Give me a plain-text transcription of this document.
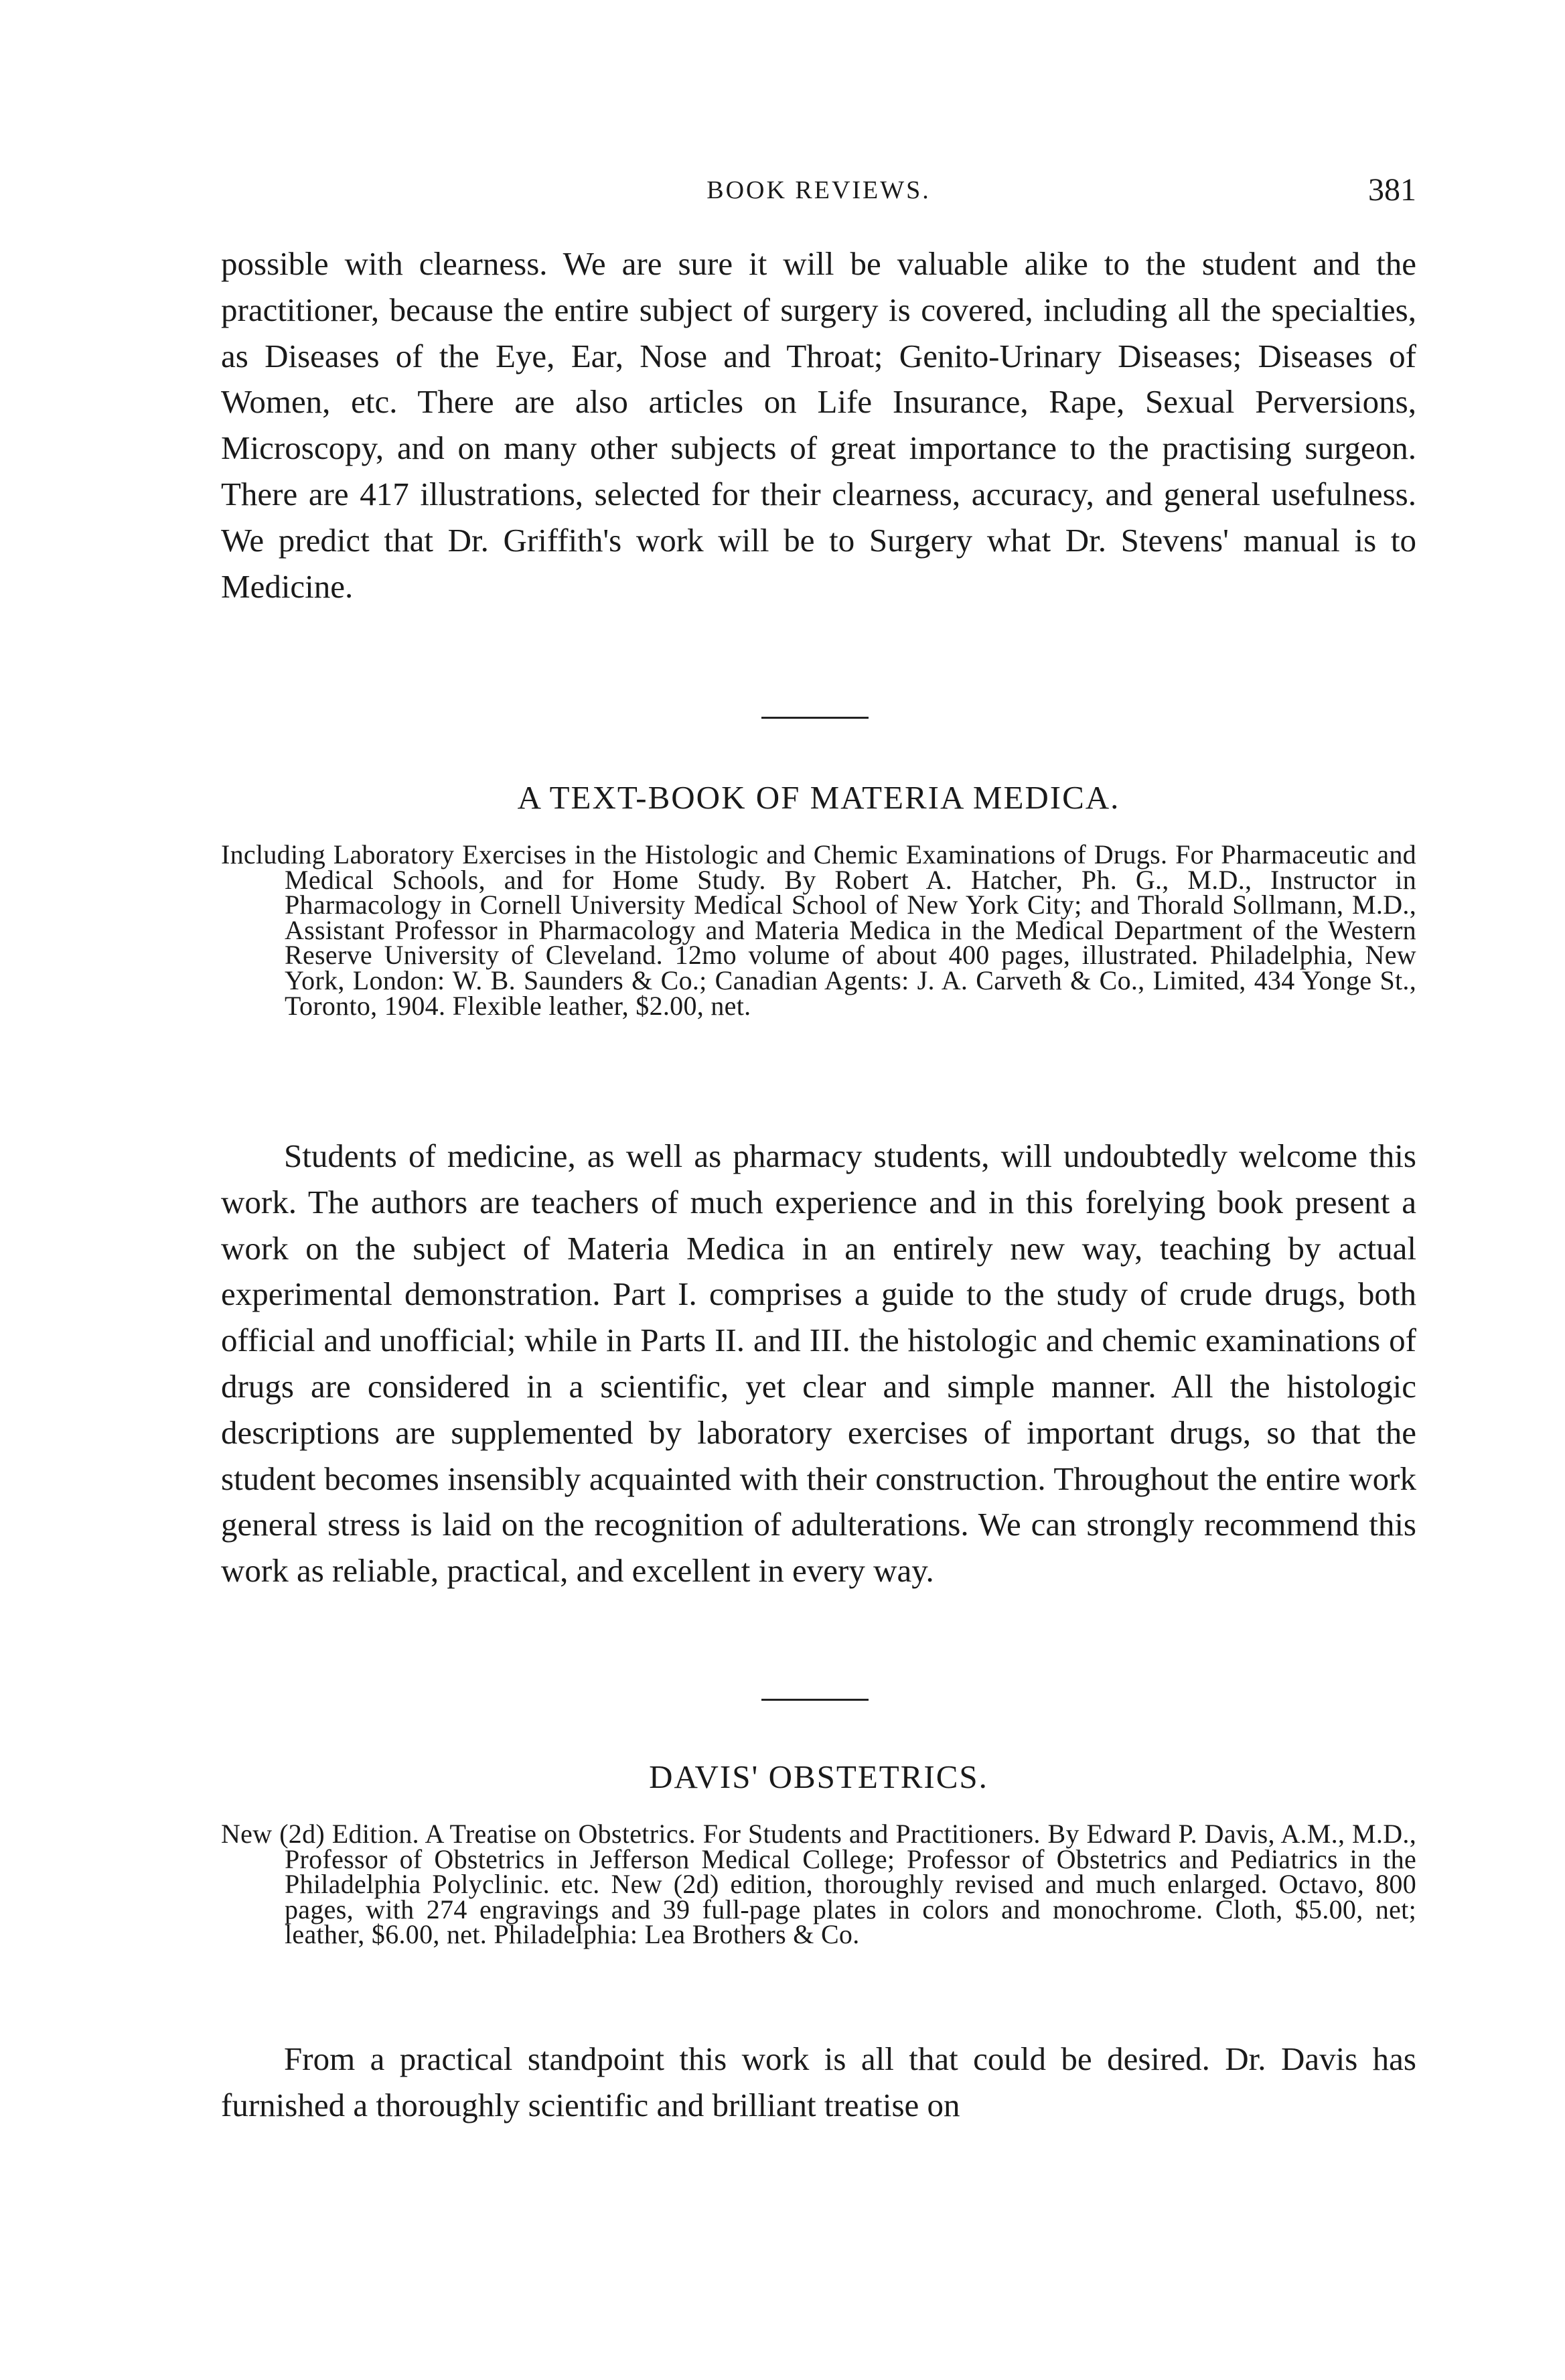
BOOK REVIEWS.	381

possible with clearness. We are sure it will be valuable alike to the student and the practitioner, because the entire subject of surgery is covered, including all the specialties, as Diseases of the Eye, Ear, Nose and Throat; Genito-Urinary Diseases; Diseases of Women, etc. There are also articles on Life Insurance, Rape, Sexual Perversions, Microscopy, and on many other subjects of great importance to the practising surgeon. There are 417 illustrations, selected for their clearness, accuracy, and general usefulness. We predict that Dr. Griffith's work will be to Surgery what Dr. Stevens' manual is to Medicine.

A TEXT-BOOK OF MATERIA MEDICA.

Including Laboratory Exercises in the Histologic and Chemic Examinations of Drugs. For Pharmaceutic and Medical Schools, and for Home Study. By Robert A. Hatcher, Ph. G., M.D., Instructor in Pharmacology in Cornell University Medical School of New York City; and Thorald Sollmann, M.D., Assistant Professor in Pharmacology and Materia Medica in the Medical Department of the Western Reserve University of Cleveland. 12mo volume of about 400 pages, illustrated. Philadelphia, New York, London: W. B. Saunders & Co.; Canadian Agents: J. A. Carveth & Co., Limited, 434 Yonge St., Toronto, 1904. Flexible leather, $2.00, net.

Students of medicine, as well as pharmacy students, will undoubtedly welcome this work. The authors are teachers of much experience and in this forelying book present a work on the subject of Materia Medica in an entirely new way, teaching by actual experimental demonstration. Part I. comprises a guide to the study of crude drugs, both official and unofficial; while in Parts II. and III. the histologic and chemic examinations of drugs are considered in a scientific, yet clear and simple manner. All the histologic descriptions are supplemented by laboratory exercises of important drugs, so that the student becomes insensibly acquainted with their construction. Throughout the entire work general stress is laid on the recognition of adulterations. We can strongly recommend this work as reliable, practical, and excellent in every way.

DAVIS' OBSTETRICS.

New (2d) Edition. A Treatise on Obstetrics. For Students and Practitioners. By Edward P. Davis, A.M., M.D., Professor of Obstetrics in Jefferson Medical College; Professor of Obstetrics and Pediatrics in the Philadelphia Polyclinic. etc. New (2d) edition, thoroughly revised and much enlarged. Octavo, 800 pages, with 274 engravings and 39 full-page plates in colors and monochrome. Cloth, $5.00, net; leather, $6.00, net. Philadelphia: Lea Brothers & Co.

From a practical standpoint this work is all that could be desired. Dr. Davis has furnished a thoroughly scientific and brilliant treatise on
